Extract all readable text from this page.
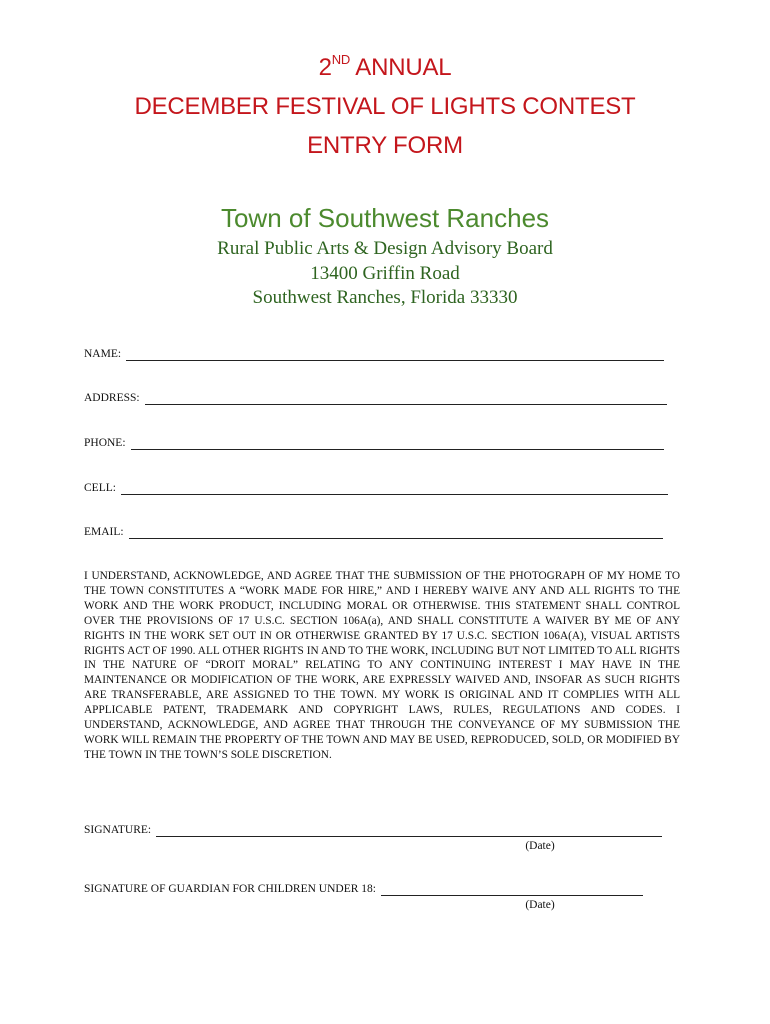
2ND ANNUAL
DECEMBER FESTIVAL OF LIGHTS CONTEST
ENTRY FORM
Town of Southwest Ranches
Rural Public Arts & Design Advisory Board
13400 Griffin Road
Southwest Ranches, Florida 33330
NAME:
ADDRESS:
PHONE:
CELL:
EMAIL:

I UNDERSTAND, ACKNOWLEDGE, AND AGREE THAT THE SUBMISSION OF THE PHOTOGRAPH OF MY HOME TO THE TOWN CONSTITUTES A “WORK MADE FOR HIRE,” AND I HEREBY WAIVE ANY AND ALL RIGHTS TO THE WORK AND THE WORK PRODUCT, INCLUDING MORAL OR OTHERWISE. THIS STATEMENT SHALL CONTROL OVER THE PROVISIONS OF 17 U.S.C. SECTION 106A(a), AND SHALL CONSTITUTE A WAIVER BY ME OF ANY RIGHTS IN THE WORK SET OUT IN OR OTHERWISE GRANTED BY 17 U.S.C. SECTION 106A(A), VISUAL ARTISTS RIGHTS ACT OF 1990. ALL OTHER RIGHTS IN AND TO THE WORK, INCLUDING BUT NOT LIMITED TO ALL RIGHTS IN THE NATURE OF “DROIT MORAL” RELATING TO ANY CONTINUING INTEREST I MAY HAVE IN THE MAINTENANCE OR MODIFICATION OF THE WORK, ARE EXPRESSLY WAIVED AND, INSOFAR AS SUCH RIGHTS ARE TRANSFERABLE, ARE ASSIGNED TO THE TOWN. MY WORK IS ORIGINAL AND IT COMPLIES WITH ALL APPLICABLE PATENT, TRADEMARK AND COPYRIGHT LAWS, RULES, REGULATIONS AND CODES. I UNDERSTAND, ACKNOWLEDGE, AND AGREE THAT THROUGH THE CONVEYANCE OF MY SUBMISSION THE WORK WILL REMAIN THE PROPERTY OF THE TOWN AND MAY BE USED, REPRODUCED, SOLD, OR MODIFIED BY THE TOWN IN THE TOWN’S SOLE DISCRETION.

SIGNATURE:
(Date)
SIGNATURE OF GUARDIAN FOR CHILDREN UNDER 18:
(Date)
